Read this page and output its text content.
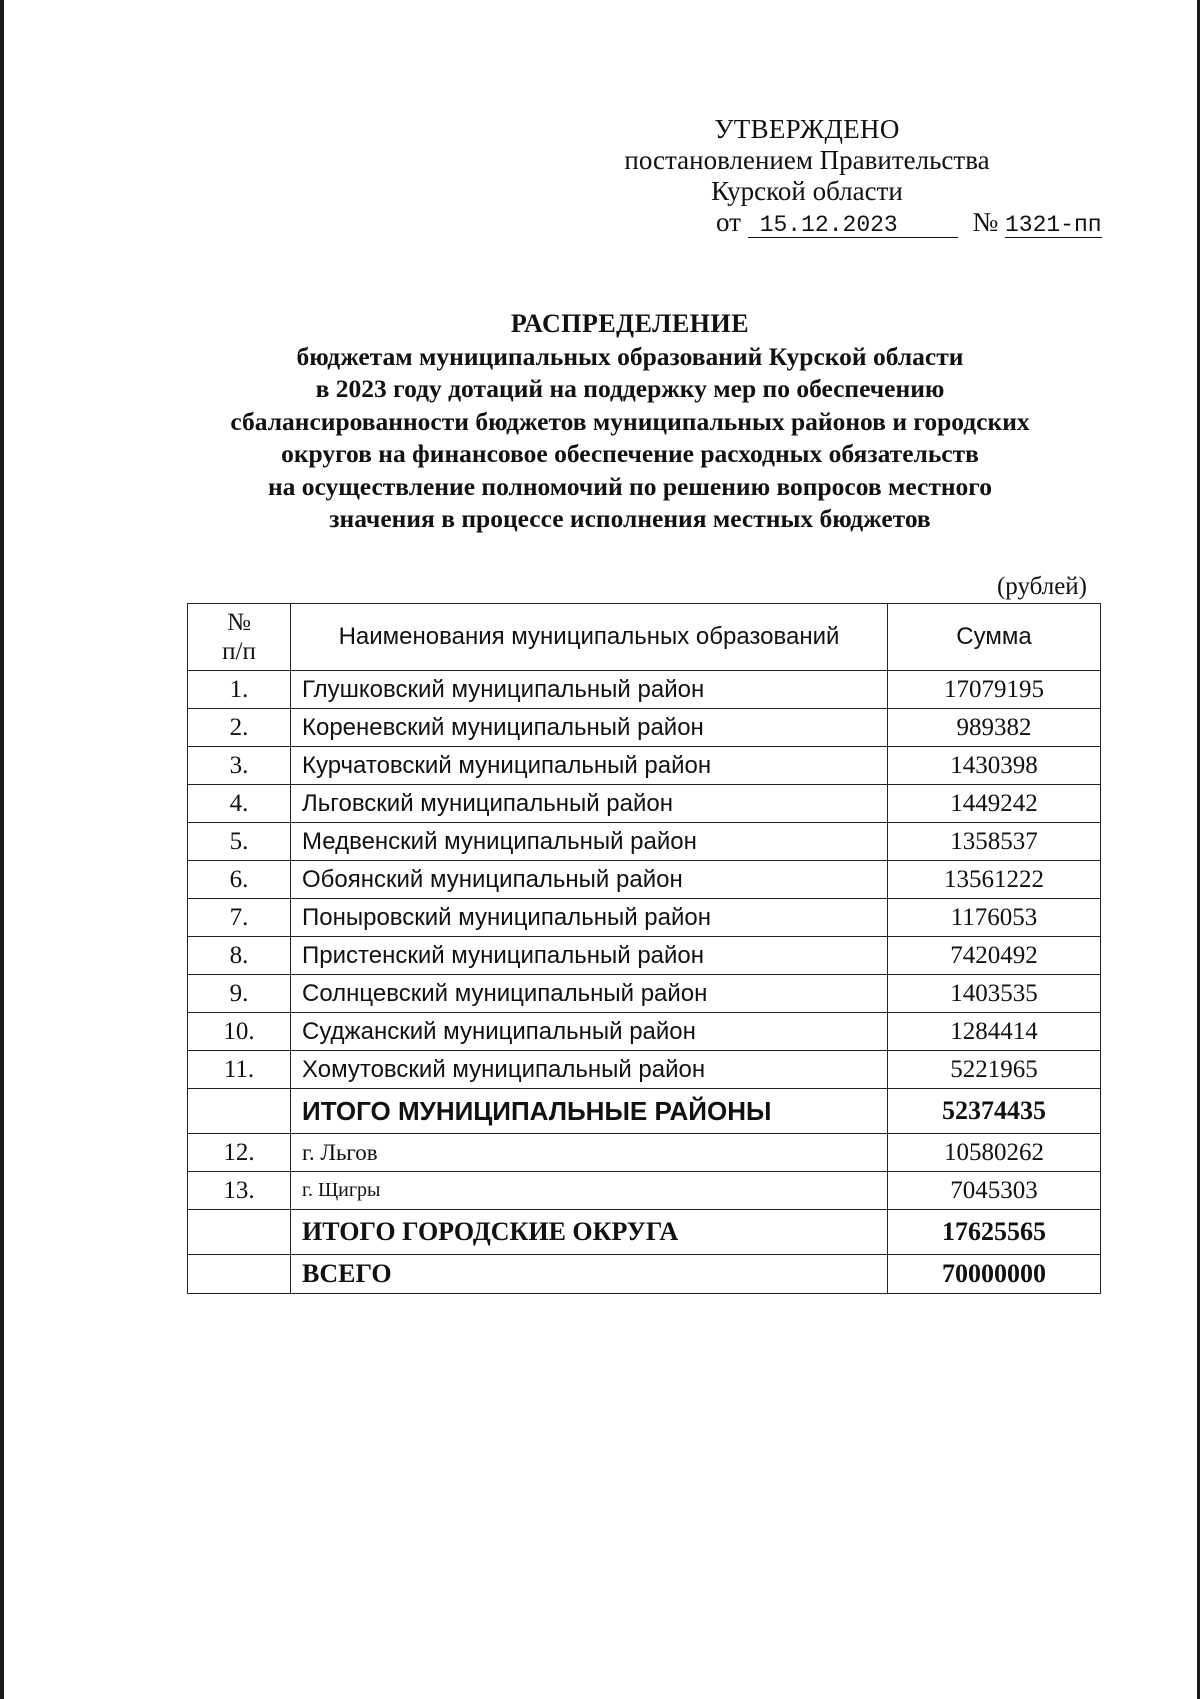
УТВЕРЖДЕНО
постановлением Правительства
Курской области
от 15.12.2023	№ 1321-пп
РАСПРЕДЕЛЕНИЕ
бюджетам муниципальных образований Курской области
в 2023 году дотаций на поддержку мер по обеспечению
сбалансированности бюджетов муниципальных районов и городских
округов на финансовое обеспечение расходных обязательств
на осуществление полномочий по решению вопросов местного
значения в процессе исполнения местных бюджетов
(рублей)
№
п/п	Наименования муниципальных образований	Сумма
1.	Глушковский муниципальный район	17079195
2.	Кореневский муниципальный район	989382
3.	Курчатовский муниципальный район	1430398
4.	Льговский муниципальный район	1449242
5.	Медвенский муниципальный район	1358537
6.	Обоянский муниципальный район	13561222
7.	Поныровский муниципальный район	1176053
8.	Пристенский муниципальный район	7420492
9.	Солнцевский муниципальный район	1403535
10.	Суджанский муниципальный район	1284414
11.	Хомутовский муниципальный район	5221965
	ИТОГО МУНИЦИПАЛЬНЫЕ РАЙОНЫ	52374435
12.	г. Льгов	10580262
13.	г. Щигры	7045303
	ИТОГО ГОРОДСКИЕ ОКРУГА	17625565
	ВСЕГО	70000000
